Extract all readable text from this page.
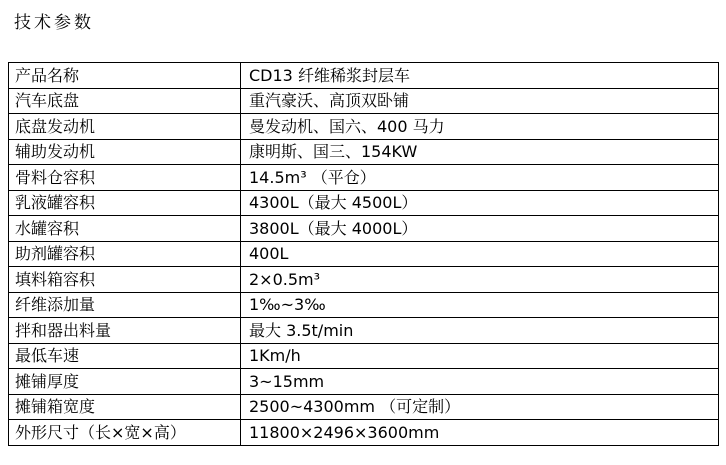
技术参数
产品名称	CD13 纤维稀浆封层车
汽车底盘	重汽豪沃、高顶双卧铺
底盘发动机	曼发动机、国六、400 马力
辅助发动机	康明斯、国三、154KW
骨料仓容积	14.5m³ （平仓）
乳液罐容积	4300L（最大 4500L）
水罐容积	3800L（最大 4000L）
助剂罐容积	400L
填料箱容积	2×0.5m³
纤维添加量	1‰~3‰
拌和器出料量	最大 3.5t/min
最低车速	1Km/h
摊铺厚度	3~15mm
摊铺箱宽度	2500~4300mm （可定制）
外形尺寸（长×宽×高）	11800×2496×3600mm
